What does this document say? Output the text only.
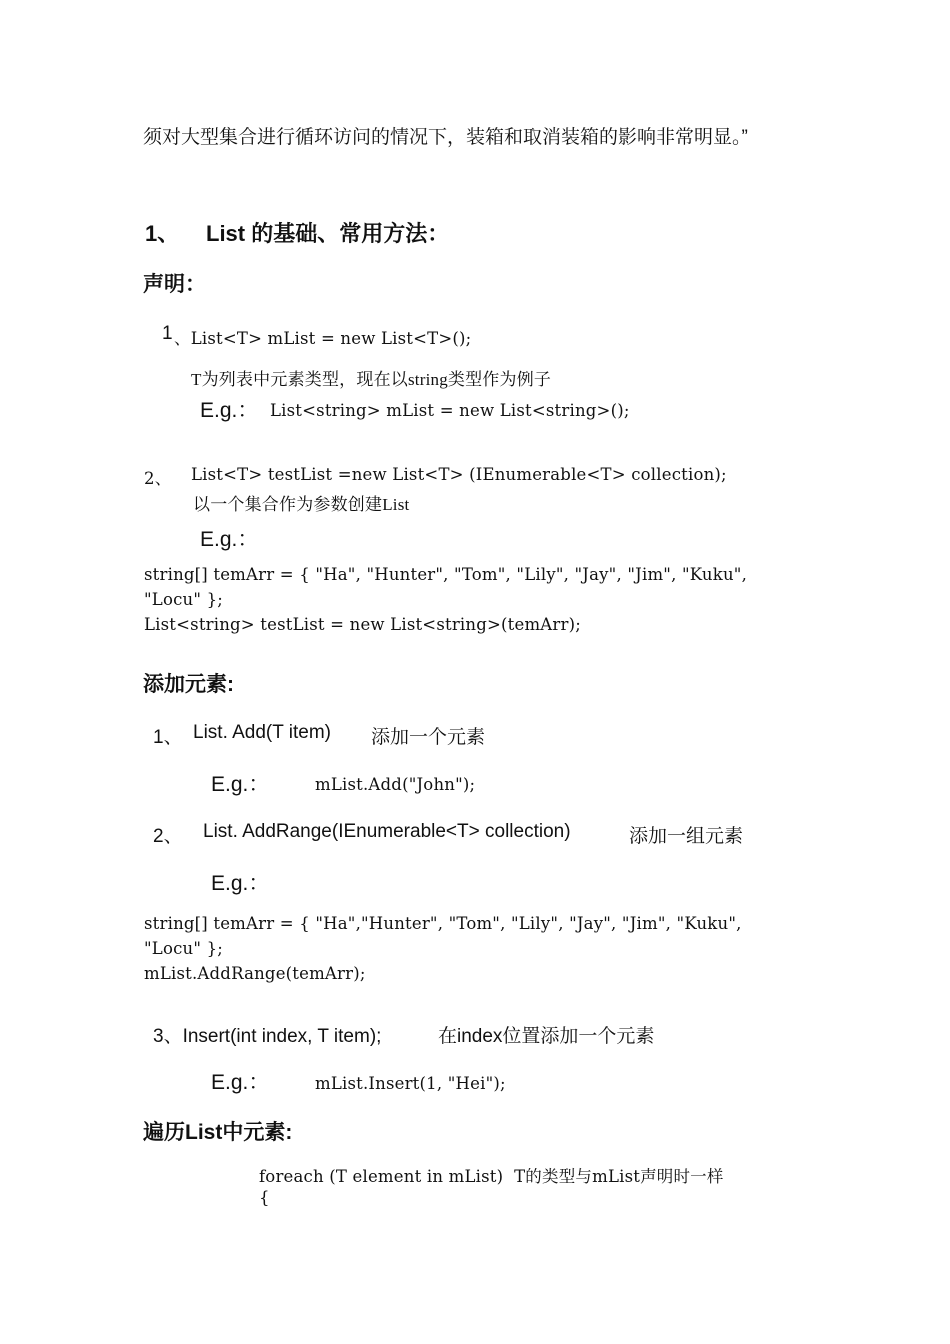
须对大型集合进行循环访问的情况下，装箱和取消装箱的影响非常明显。”
1、 List 的基础、常用方法：
声明：
1 、List<T> mList = new List<T>();
T为列表中元素类型，现在以string类型作为例子
E.g.： List<string> mList = new List<string>();
2、 List<T> testList =new List<T> (IEnumerable<T> collection);
以一个集合作为参数创建List
E.g.：
string[] temArr = { "Ha", "Hunter", "Tom", "Lily", "Jay", "Jim", "Kuku",
"Locu" };
List<string> testList = new List<string>(temArr);
添加元素:
1、 List. Add(T item) 添加一个元素
E.g.：	mList.Add("John");
2、 List. AddRange(IEnumerable<T> collection)	添加一组元素
E.g.：
string[] temArr = { "Ha","Hunter", "Tom", "Lily", "Jay", "Jim", "Kuku",
"Locu" };
mList.AddRange(temArr);
3、Insert(int index, T item);	在index位置添加一个元素
E.g.：	mList.Insert(1, "Hei");
遍历List中元素:
foreach (T element in mList)  T的类型与mList声明时一样
{
